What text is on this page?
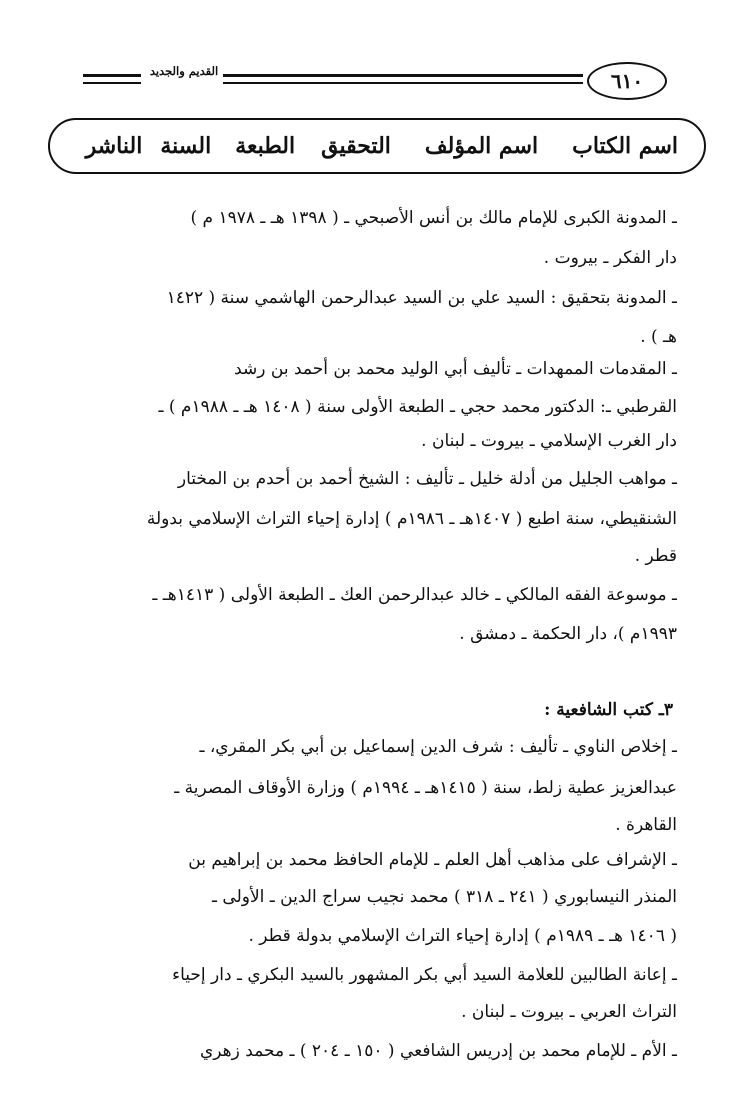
القديم والجديد	٦١٠
اسم الكتاب
اسم المؤلف
التحقيق
الطبعة
السنة
الناشر
ـ المدونة الكبرى للإمام مالك بن أنس الأصبحي ـ ( ١٣٩٨ هـ ـ ١٩٧٨ م )
دار الفكر ـ بيروت .
ـ المدونة بتحقيق : السيد علي بن السيد عبدالرحمن الهاشمي سنة ( ١٤٢٢
هـ ) .
ـ المقدمات الممهدات ـ تأليف أبي الوليد محمد بن أحمد بن رشد
القرطبي ـ: الدكتور محمد حجي ـ الطبعة الأولى سنة ( ١٤٠٨ هـ ـ ١٩٨٨م ) ـ
دار الغرب الإسلامي ـ بيروت ـ لبنان .
ـ مواهب الجليل من أدلة خليل ـ تأليف : الشيخ أحمد بن أحدم بن المختار
الشنقيطي، سنة اطبع ( ١٤٠٧هـ ـ ١٩٨٦م ) إدارة إحياء التراث الإسلامي بدولة
قطر .
ـ موسوعة الفقه المالكي ـ خالد عبدالرحمن العك ـ الطبعة الأولى ( ١٤١٣هـ ـ
١٩٩٣م )، دار الحكمة ـ دمشق .
٣ـ كتب الشافعية :
ـ إخلاص الناوي ـ تأليف : شرف الدين إسماعيل بن أبي بكر المقري، ـ
عبدالعزيز عطية زلط، سنة ( ١٤١٥هـ ـ ١٩٩٤م ) وزارة الأوقاف المصرية ـ
القاهرة .
ـ الإشراف على مذاهب أهل العلم ـ للإمام الحافظ محمد بن إبراهيم بن
المنذر النيسابوري ( ٢٤١ ـ ٣١٨ ) محمد نجيب سراج الدين ـ الأولى ـ
( ١٤٠٦ هـ ـ ١٩٨٩م ) إدارة إحياء التراث الإسلامي بدولة قطر .
ـ إعانة الطالبين للعلامة السيد أبي بكر المشهور بالسيد البكري ـ دار إحياء
التراث العربي ـ بيروت ـ لبنان .
ـ الأم ـ للإمام محمد بن إدريس الشافعي ( ١٥٠ ـ ٢٠٤ ) ـ محمد زهري
